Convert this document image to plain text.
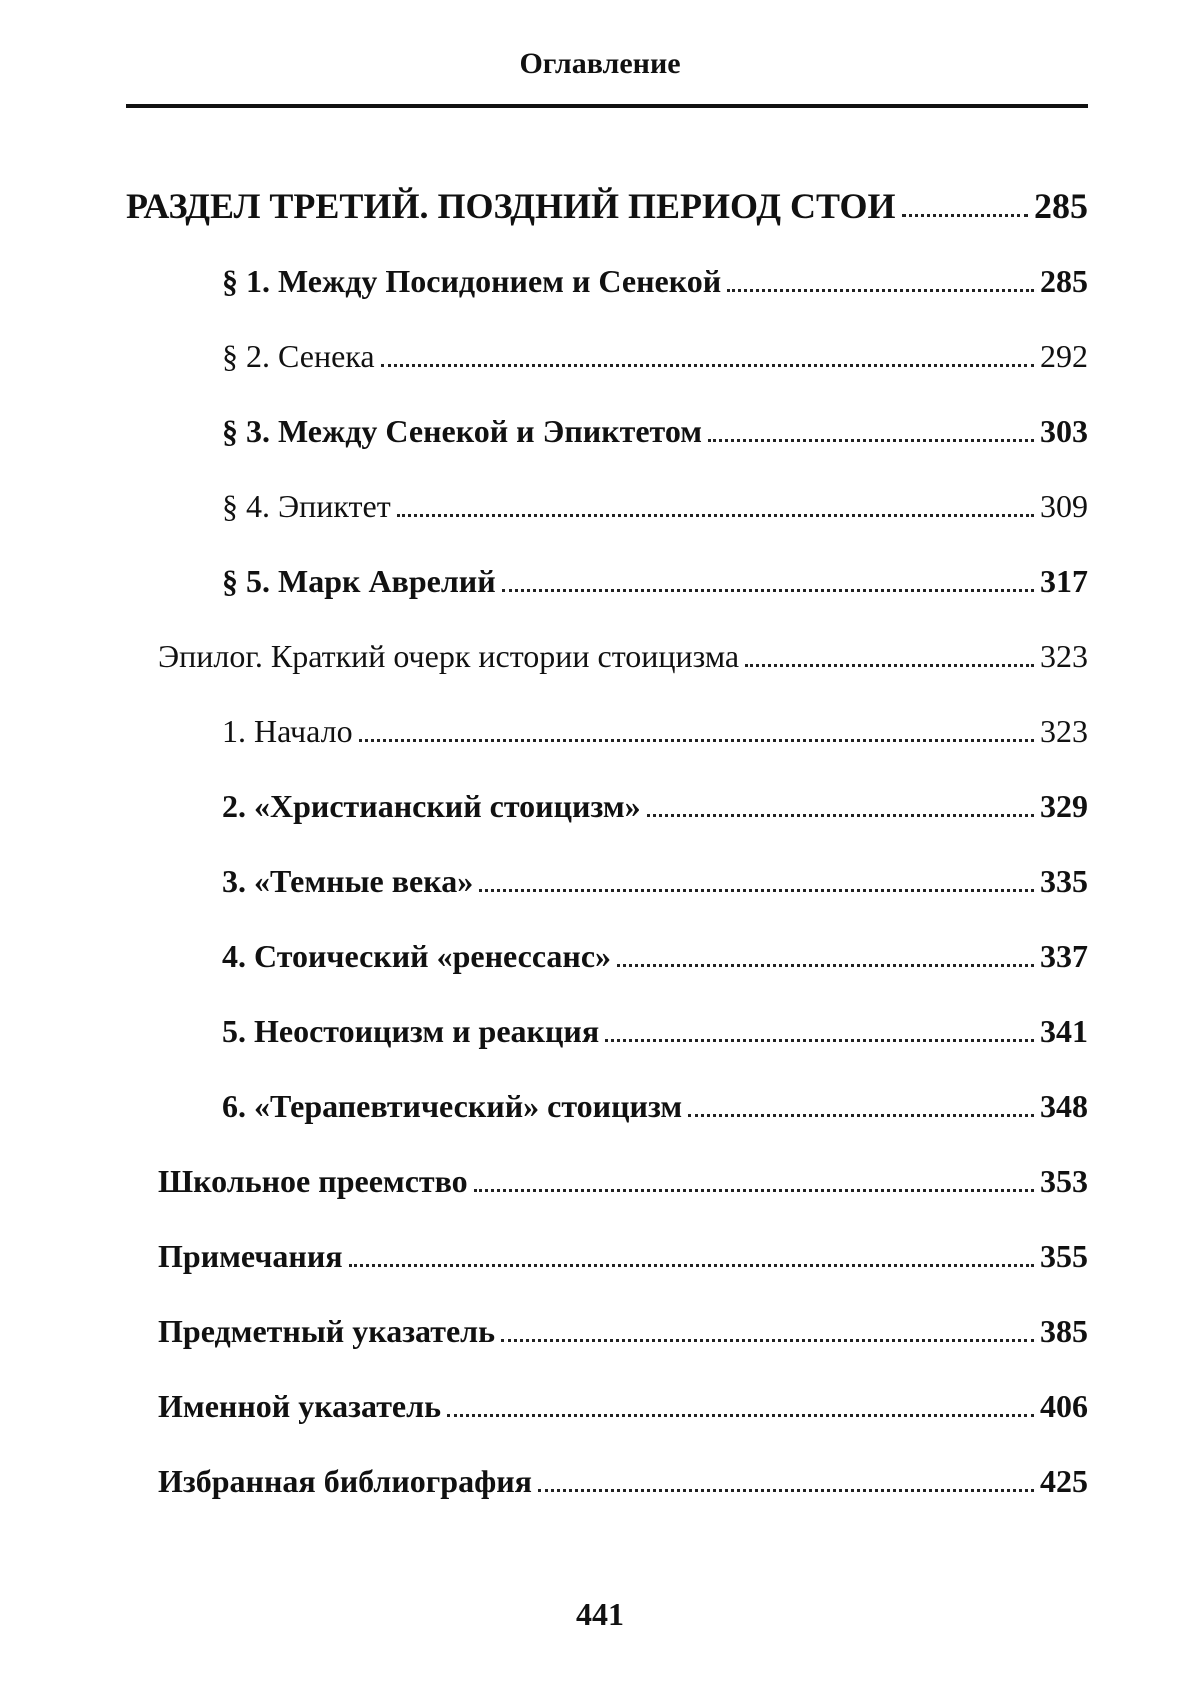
Оглавление
РАЗДЕЛ ТРЕТИЙ. ПОЗДНИЙ ПЕРИОД СТОИ	285
§ 1. Между Посидонием и Сенекой	285
§ 2. Сенека	292
§ 3. Между Сенекой и Эпиктетом	303
§ 4. Эпиктет	309
§ 5. Марк Аврелий	317
Эпилог. Краткий очерк истории стоицизма	323
1. Начало	323
2. «Христианский стоицизм»	329
3. «Темные века»	335
4. Стоический «ренессанс»	337
5. Неостоицизм и реакция	341
6. «Терапевтический» стоицизм	348
Школьное преемство	353
Примечания	355
Предметный указатель	385
Именной указатель	406
Избранная библиография	425
441
